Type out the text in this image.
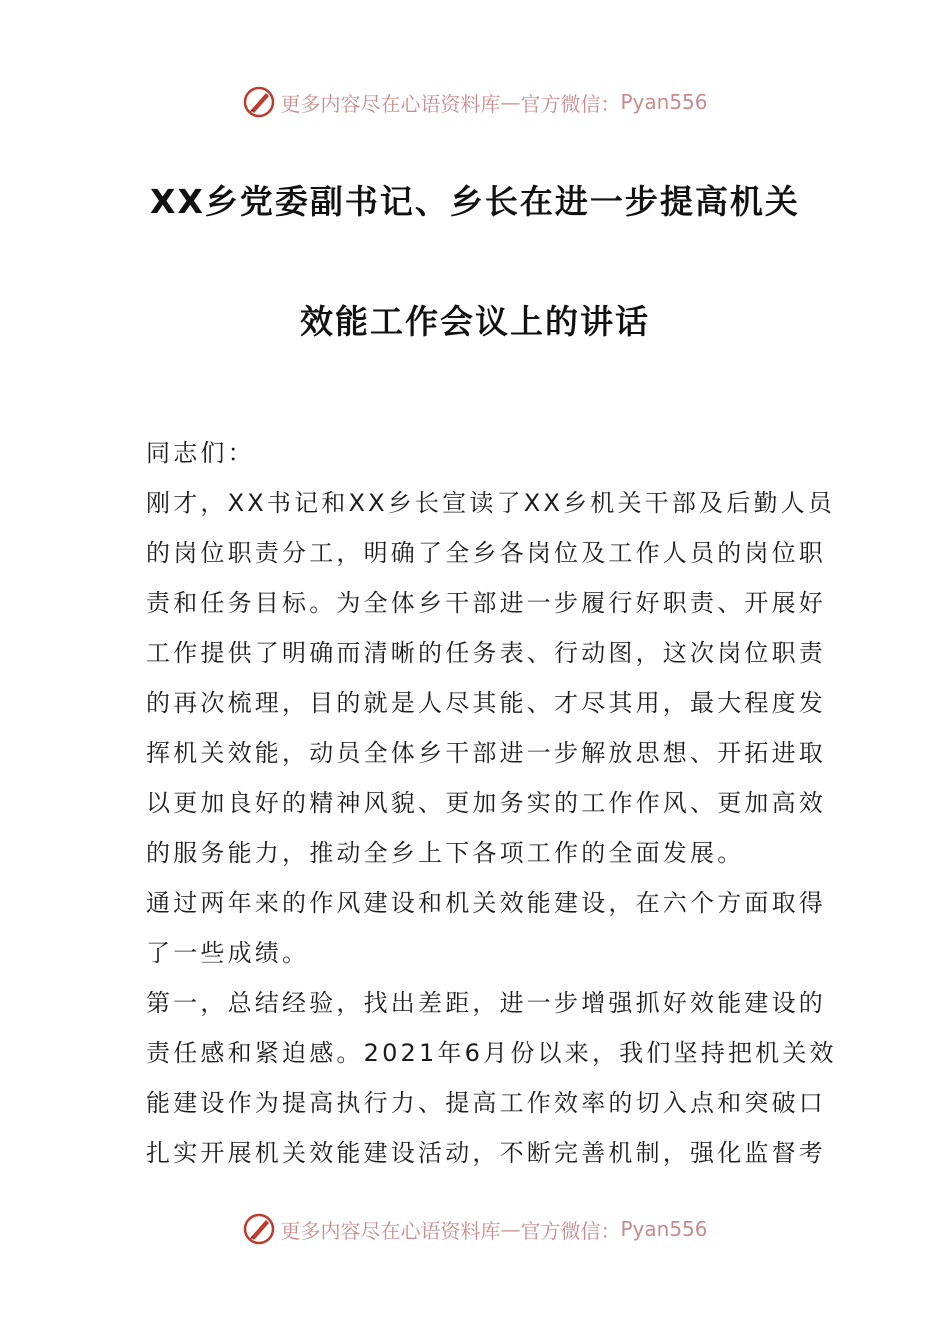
更多内容尽在心语资料库 — 官方微信： Pyan556
XX乡党委副书记、乡长在进一步提高机关
效能工作会议上的讲话
同志们：
刚才，XX书记和XX乡长宣读了XX乡机关干部及后勤人员
的岗位职责分工，明确了全乡各岗位及工作人员的岗位职
责和任务目标。为全体乡干部进一步履行好职责、开展好
工作提供了明确而清晰的任务表、行动图，这次岗位职责
的再次梳理，目的就是人尽其能、才尽其用，最大程度发
挥机关效能，动员全体乡干部进一步解放思想、开拓进取
以更加良好的精神风貌、更加务实的工作作风、更加高效
的服务能力，推动全乡上下各项工作的全面发展。
通过两年来的作风建设和机关效能建设，在六个方面取得
了一些成绩。
第一，总结经验，找出差距，进一步增强抓好效能建设的
责任感和紧迫感。2021年6月份以来，我们坚持把机关效
能建设作为提高执行力、提高工作效率的切入点和突破口
扎实开展机关效能建设活动，不断完善机制，强化监督考
更多内容尽在心语资料库 — 官方微信： Pyan556
